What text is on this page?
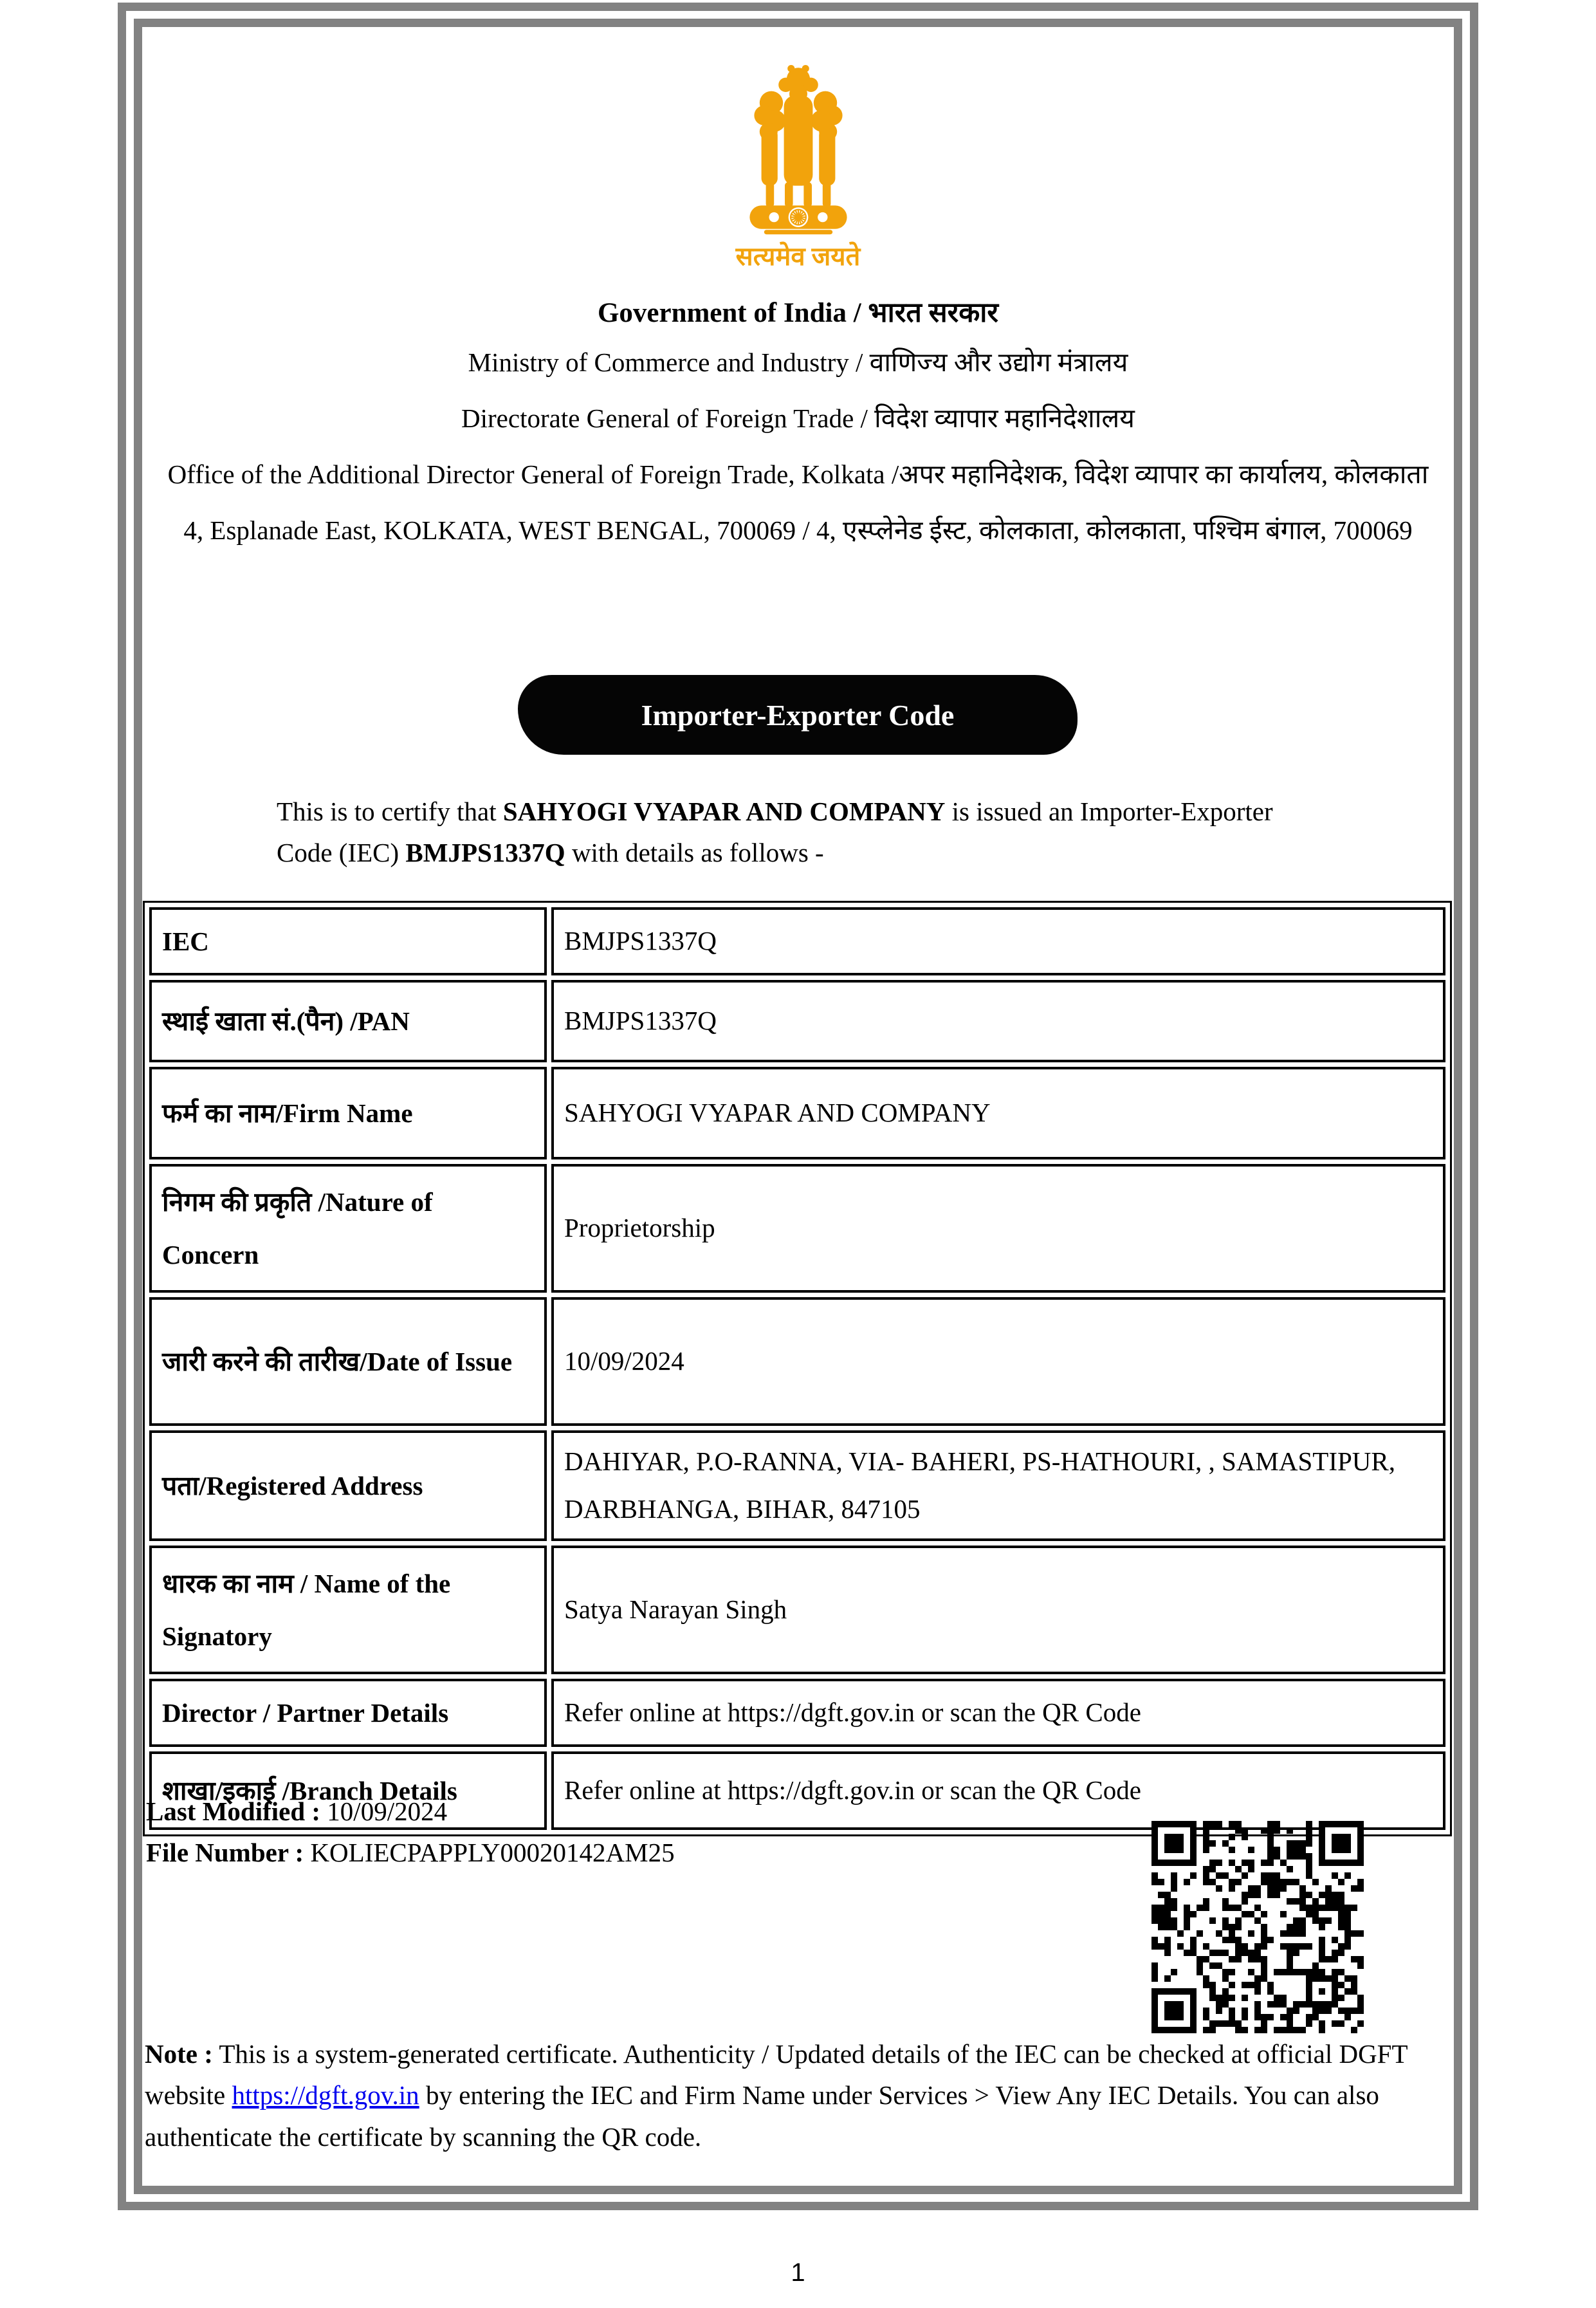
सत्यमेव जयते
Government of India / भारत सरकार
Ministry of Commerce and Industry / वाणिज्य और उद्योग मंत्रालय
Directorate General of Foreign Trade / विदेश व्यापार महानिदेशालय
Office of the Additional Director General of Foreign Trade, Kolkata /अपर महानिदेशक, विदेश व्यापार का कार्यालय, कोलकाता
4, Esplanade East, KOLKATA, WEST BENGAL, 700069 / 4, एस्प्लेनेड ईस्ट, कोलकाता, कोलकाता, पश्चिम बंगाल, 700069
Importer-Exporter Code
This is to certify that SAHYOGI VYAPAR AND COMPANY is issued an Importer-Exporter Code (IEC) BMJPS1337Q with details as follows -
IEC	BMJPS1337Q
स्थाई खाता सं.(पैन) /PAN	BMJPS1337Q
फर्म का नाम/Firm Name	SAHYOGI VYAPAR AND COMPANY
निगम की प्रकृति /Nature of Concern	Proprietorship
जारी करने की तारीख/Date of Issue	10/09/2024
पता/Registered Address	DAHIYAR, P.O-RANNA, VIA- BAHERI, PS-HATHOURI, , SAMASTIPUR, DARBHANGA, BIHAR, 847105
धारक का नाम / Name of the Signatory	Satya Narayan Singh
Director / Partner Details	Refer online at https://dgft.gov.in or scan the QR Code
शाखा/इकाई /Branch Details	Refer online at https://dgft.gov.in or scan the QR Code
Last Modified : 10/09/2024
File Number : KOLIECPAPPLY00020142AM25
Note : This is a system-generated certificate. Authenticity / Updated details of the IEC can be checked at official DGFT website https://dgft.gov.in by entering the IEC and Firm Name under Services > View Any IEC Details. You can also authenticate the certificate by scanning the QR code.
1
